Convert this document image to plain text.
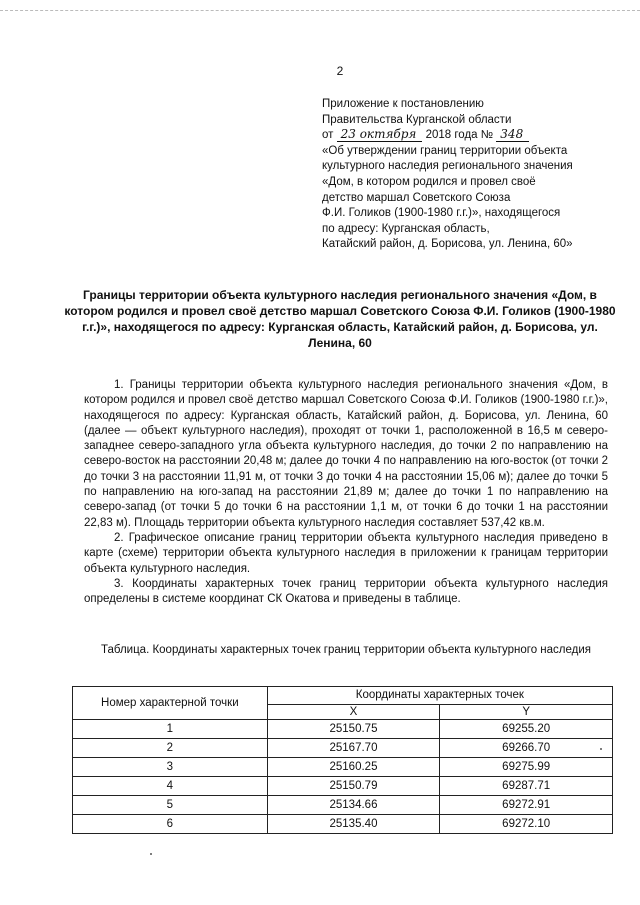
2
Приложение к постановлению
Правительства Курганской области
от 23 октября 2018 года № 348
«Об утверждении границ территории объекта
культурного наследия регионального значения
«Дом, в котором родился и провел своё
детство маршал Советского Союза
Ф.И. Голиков (1900-1980 г.г.)», находящегося
по адресу: Курганская область,
Катайский район, д. Борисова, ул. Ленина, 60»
Границы территории объекта культурного наследия регионального значения «Дом, в котором родился и провел своё детство маршал Советского Союза Ф.И. Голиков (1900-1980 г.г.)», находящегося по адресу: Курганская область, Катайский район, д. Борисова, ул. Ленина, 60

1. Границы территории объекта культурного наследия регионального значения «Дом, в котором родился и провел своё детство маршал Советского Союза Ф.И. Голиков (1900-1980 г.г.)», находящегося по адресу: Курганская область, Катайский район, д. Борисова, ул. Ленина, 60 (далее — объект культурного наследия), проходят от точки 1, расположенной в 16,5 м северо-западнее северо-западного угла объекта культурного наследия, до точки 2 по направлению на северо-восток на расстоянии 20,48 м; далее до точки 4 по направлению на юго-восток (от точки 2 до точки 3 на расстоянии 11,91 м, от точки 3 до точки 4 на расстоянии 15,06 м); далее до точки 5 по направлению на юго-запад на расстоянии 21,89 м; далее до точки 1 по направлению на северо-запад (от точки 5 до точки 6 на расстоянии 1,1 м, от точки 6 до точки 1 на расстоянии 22,83 м). Площадь территории объекта культурного наследия составляет 537,42 кв.м.

2. Графическое описание границ территории объекта культурного наследия приведено в карте (схеме) территории объекта культурного наследия в приложении к границам территории объекта культурного наследия.

3. Координаты характерных точек границ территории объекта культурного наследия определены в системе координат СК Окатова и приведены в таблице.

Таблица. Координаты характерных точек границ территории объекта культурного наследия
Номер характерной точки	Координаты характерных точек	
	X	Y
1	25150.75	69255.20
2	25167.70	69266.70
3	25160.25	69275.99
4	25150.79	69287.71
5	25134.66	69272.91
6	25135.40	69272.10
